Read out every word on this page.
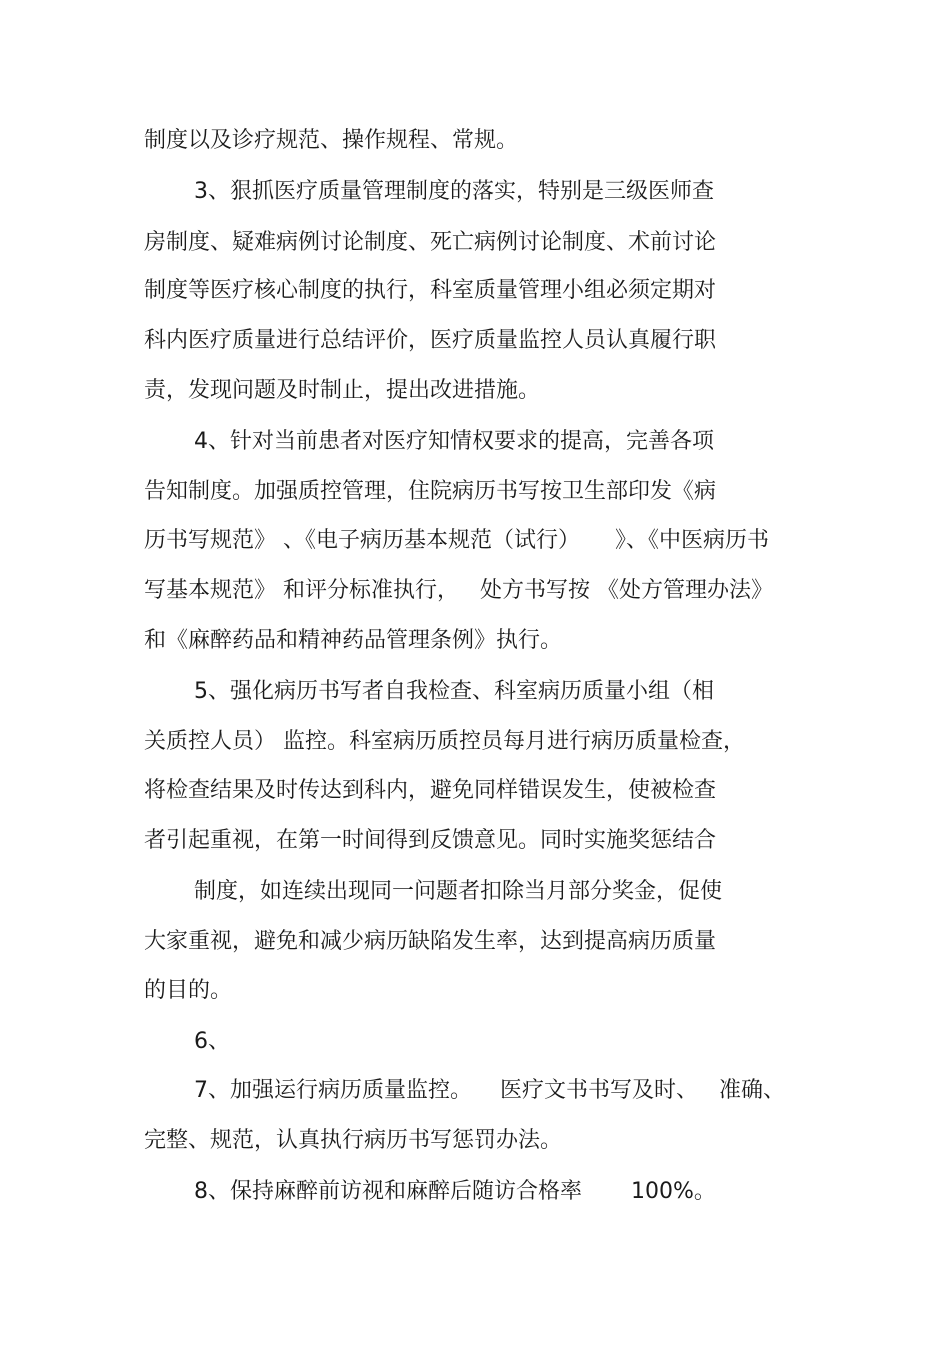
制度以及诊疗规范、操作规程、常规。
3、狠抓医疗质量管理制度的落实，特别是三级医师查
房制度、疑难病例讨论制度、死亡病例讨论制度、术前讨论
制度等医疗核心制度的执行，科室质量管理小组必须定期对
科内医疗质量进行总结评价，医疗质量监控人员认真履行职
责，发现问题及时制止，提出改进措施。
4、针对当前患者对医疗知情权要求的提高，完善各项
告知制度。加强质控管理，住院病历书写按卫生部印发《病
历书写规范》 、《电子病历基本规范（试行）     》、《中医病历书
写基本规范》 和评分标准执行，   处方书写按 《处方管理办法》
和《麻醉药品和精神药品管理条例》执行。
5、强化病历书写者自我检查、科室病历质量小组（相
关质控人员） 监控。科室病历质控员每月进行病历质量检查，
将检查结果及时传达到科内，避免同样错误发生，使被检查
者引起重视，在第一时间得到反馈意见。同时实施奖惩结合
制度，如连续出现同一问题者扣除当月部分奖金，促使
大家重视，避免和减少病历缺陷发生率，达到提高病历质量
的目的。
6、
7、加强运行病历质量监控。    医疗文书书写及时、   准确、
完整、规范，认真执行病历书写惩罚办法。
8、保持麻醉前访视和麻醉后随访合格率       100%。
